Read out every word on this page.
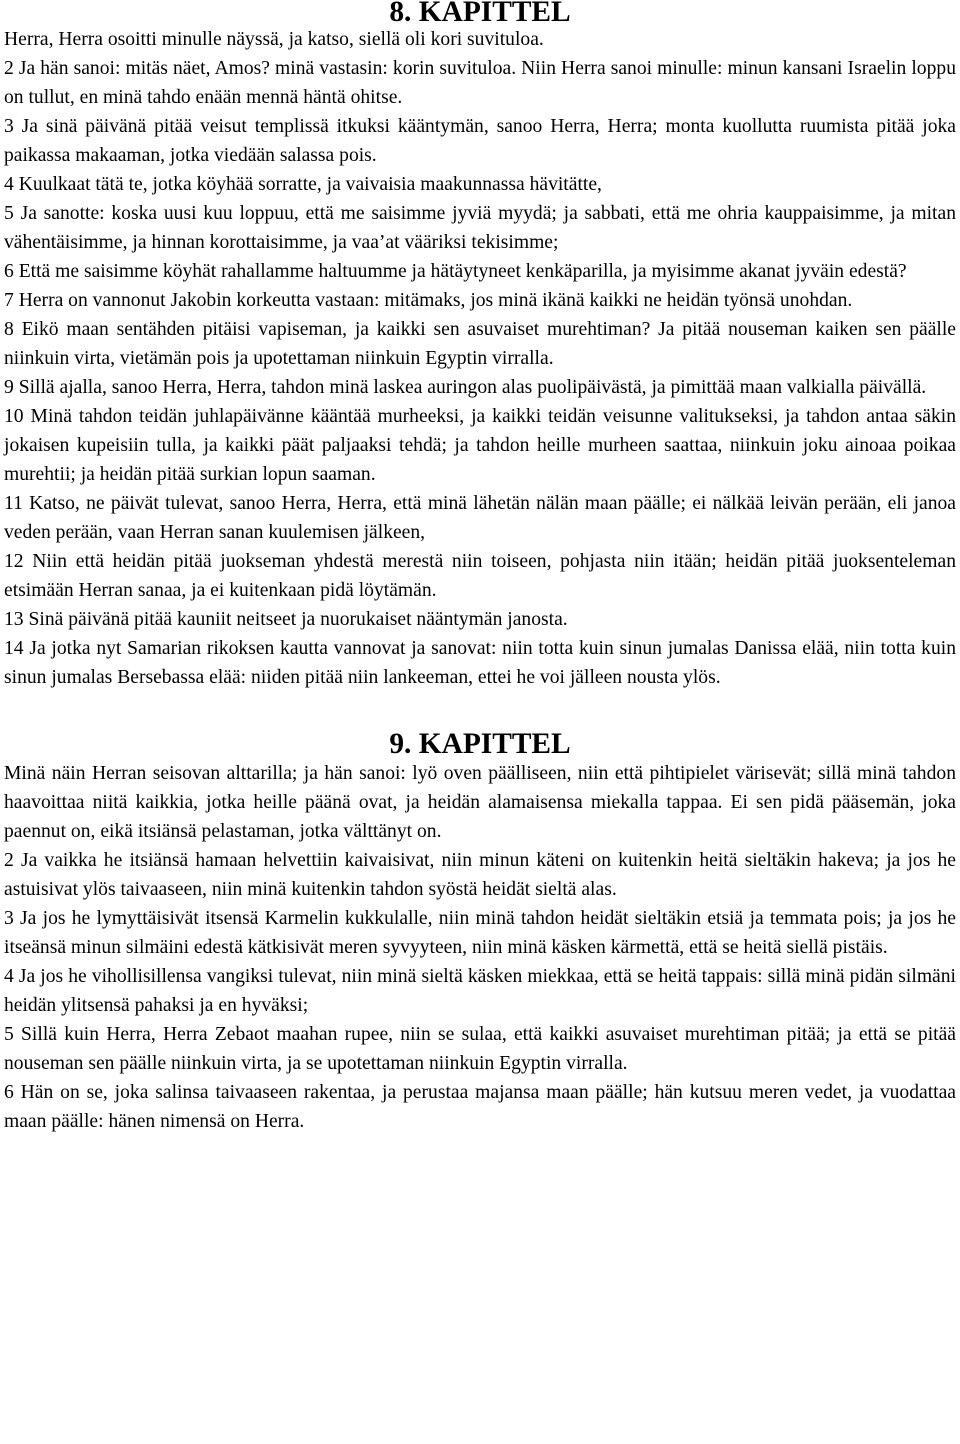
8. KAPITTEL

Herra, Herra osoitti minulle näyssä, ja katso, siellä oli kori suvituloa.

2 Ja hän sanoi: mitäs näet, Amos? minä vastasin: korin suvituloa. Niin Herra sanoi minulle: minun kansani Israelin loppu on tullut, en minä tahdo enään mennä häntä ohitse.

3 Ja sinä päivänä pitää veisut templissä itkuksi kääntymän, sanoo Herra, Herra; monta kuollutta ruumista pitää joka paikassa makaaman, jotka viedään salassa pois.

4 Kuulkaat tätä te, jotka köyhää sorratte, ja vaivaisia maakunnassa hävitätte,

5 Ja sanotte: koska uusi kuu loppuu, että me saisimme jyviä myydä; ja sabbati, että me ohria kauppaisimme, ja mitan vähentäisimme, ja hinnan korottaisimme, ja vaa’at vääriksi tekisimme;

6 Että me saisimme köyhät rahallamme haltuumme ja hätäytyneet kenkäparilla, ja myisimme akanat jyväin edestä?

7 Herra on vannonut Jakobin korkeutta vastaan: mitämaks, jos minä ikänä kaikki ne heidän työnsä unohdan.

8 Eikö maan sentähden pitäisi vapiseman, ja kaikki sen asuvaiset murehtiman? Ja pitää nouseman kaiken sen päälle niinkuin virta, vietämän pois ja upotettaman niinkuin Egyptin virralla.

9 Sillä ajalla, sanoo Herra, Herra, tahdon minä laskea auringon alas puolipäivästä, ja pimittää maan valkialla päivällä.

10 Minä tahdon teidän juhlapäivänne kääntää murheeksi, ja kaikki teidän veisunne valitukseksi, ja tahdon antaa säkin jokaisen kupeisiin tulla, ja kaikki päät paljaaksi tehdä; ja tahdon heille murheen saattaa, niinkuin joku ainoaa poikaa murehtii; ja heidän pitää surkian lopun saaman.

11 Katso, ne päivät tulevat, sanoo Herra, Herra, että minä lähetän nälän maan päälle; ei nälkää leivän perään, eli janoa veden perään, vaan Herran sanan kuulemisen jälkeen,

12 Niin että heidän pitää juokseman yhdestä merestä niin toiseen, pohjasta niin itään; heidän pitää juoksenteleman etsimään Herran sanaa, ja ei kuitenkaan pidä löytämän.

13 Sinä päivänä pitää kauniit neitseet ja nuorukaiset nääntymän janosta.

14 Ja jotka nyt Samarian rikoksen kautta vannovat ja sanovat: niin totta kuin sinun jumalas Danissa elää, niin totta kuin sinun jumalas Bersebassa elää: niiden pitää niin lankeeman, ettei he voi jälleen nousta ylös.

9. KAPITTEL

Minä näin Herran seisovan alttarilla; ja hän sanoi: lyö oven päälliseen, niin että pihtipielet värisevät; sillä minä tahdon haavoittaa niitä kaikkia, jotka heille päänä ovat, ja heidän alamaisensa miekalla tappaa. Ei sen pidä pääsemän, joka paennut on, eikä itsiänsä pelastaman, jotka välttänyt on.

2 Ja vaikka he itsiänsä hamaan helvettiin kaivaisivat, niin minun käteni on kuitenkin heitä sieltäkin hakeva; ja jos he astuisivat ylös taivaaseen, niin minä kuitenkin tahdon syöstä heidät sieltä alas.

3 Ja jos he lymyttäisivät itsensä Karmelin kukkulalle, niin minä tahdon heidät sieltäkin etsiä ja temmata pois; ja jos he itseänsä minun silmäini edestä kätkisivät meren syvyyteen, niin minä käsken kärmettä, että se heitä siellä pistäis.

4 Ja jos he vihollisillensa vangiksi tulevat, niin minä sieltä käsken miekkaa, että se heitä tappais: sillä minä pidän silmäni heidän ylitsensä pahaksi ja en hyväksi;

5 Sillä kuin Herra, Herra Zebaot maahan rupee, niin se sulaa, että kaikki asuvaiset murehtiman pitää; ja että se pitää nouseman sen päälle niinkuin virta, ja se upotettaman niinkuin Egyptin virralla.

6 Hän on se, joka salinsa taivaaseen rakentaa, ja perustaa majansa maan päälle; hän kutsuu meren vedet, ja vuodattaa maan päälle: hänen nimensä on Herra.
